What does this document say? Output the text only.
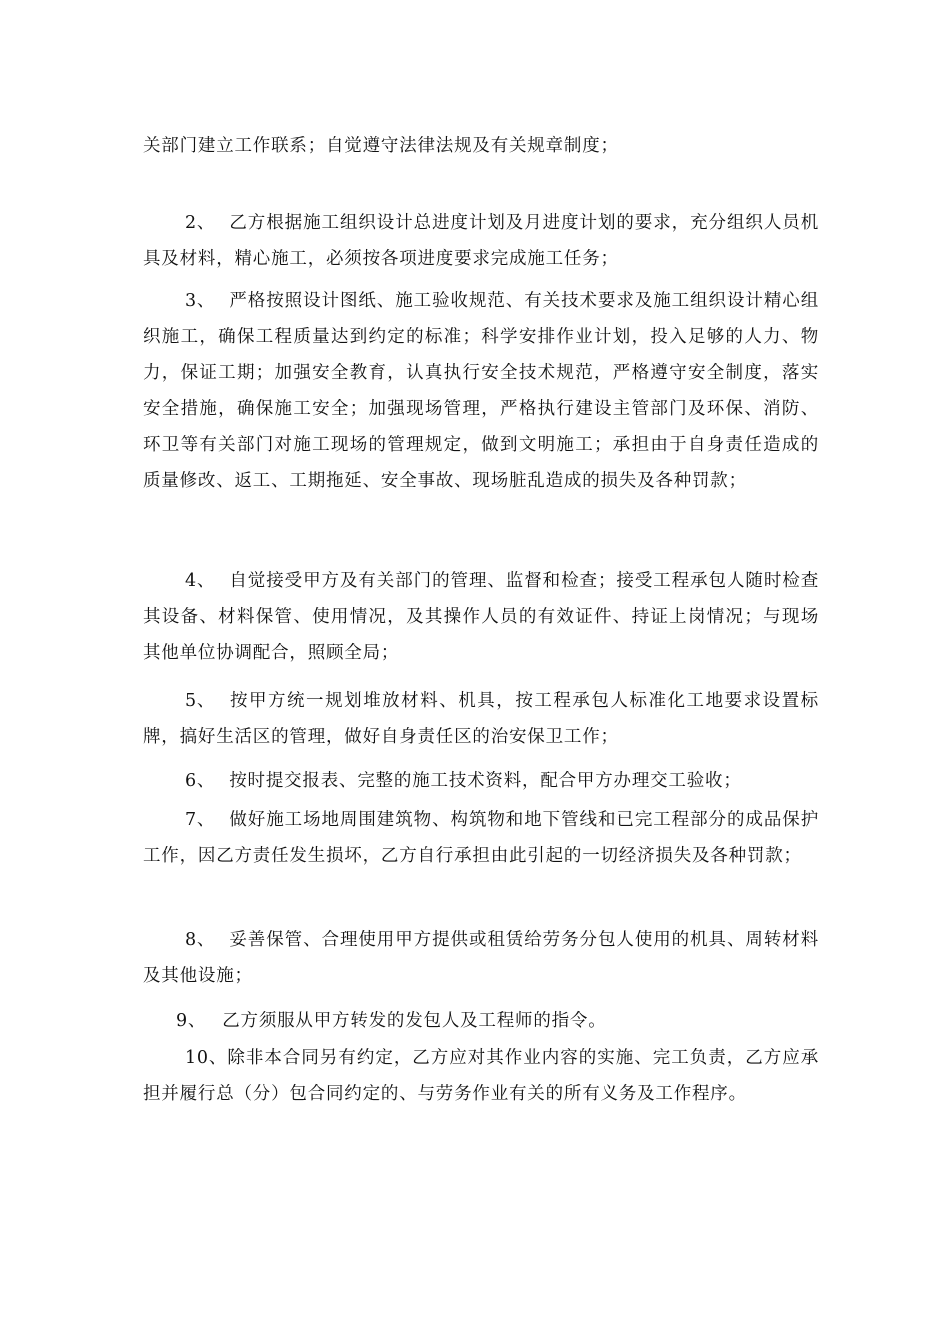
关部门建立工作联系；自觉遵守法律法规及有关规章制度；

2、 乙方根据施工组织设计总进度计划及月进度计划的要求，充分组织人员机具及材料，精心施工，必须按各项进度要求完成施工任务；

3、 严格按照设计图纸、施工验收规范、有关技术要求及施工组织设计精心组织施工，确保工程质量达到约定的标准；科学安排作业计划，投入足够的人力、物力，保证工期；加强安全教育，认真执行安全技术规范，严格遵守安全制度，落实安全措施，确保施工安全；加强现场管理，严格执行建设主管部门及环保、消防、环卫等有关部门对施工现场的管理规定，做到文明施工；承担由于自身责任造成的质量修改、返工、工期拖延、安全事故、现场脏乱造成的损失及各种罚款；

4、 自觉接受甲方及有关部门的管理、监督和检查；接受工程承包人随时检查其设备、材料保管、使用情况，及其操作人员的有效证件、持证上岗情况；与现场其他单位协调配合，照顾全局；

5、 按甲方统一规划堆放材料、机具，按工程承包人标准化工地要求设置标牌，搞好生活区的管理，做好自身责任区的治安保卫工作；

6、 按时提交报表、完整的施工技术资料，配合甲方办理交工验收；

7、 做好施工场地周围建筑物、构筑物和地下管线和已完工程部分的成品保护工作，因乙方责任发生损坏，乙方自行承担由此引起的一切经济损失及各种罚款；

8、 妥善保管、合理使用甲方提供或租赁给劳务分包人使用的机具、周转材料及其他设施；

9、 乙方须服从甲方转发的发包人及工程师的指令。

10、除非本合同另有约定，乙方应对其作业内容的实施、完工负责，乙方应承担并履行总（分）包合同约定的、与劳务作业有关的所有义务及工作程序。
